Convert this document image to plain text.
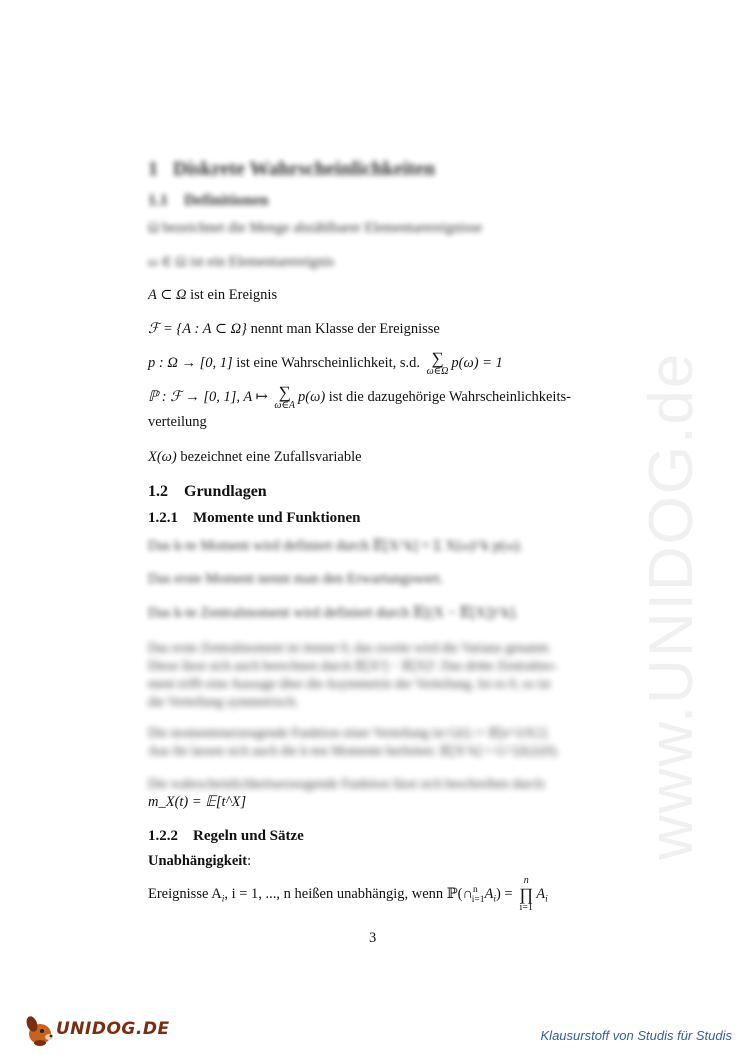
www.UNIDOG.de
1 Diskrete Wahrscheinlichkeiten
1.1 Definitionen
Ω bezeichnet die Menge abzählbarer Elementarereignisse
ω ∈ Ω ist ein Elementarereignis
A ⊂ Ω ist ein Ereignis
ℱ = {A : A ⊂ Ω} nennt man Klasse der Ereignisse
p : Ω → [0, 1] ist eine Wahrscheinlichkeit, s.d. ∑
ω∈Ω
p(ω) = 1
ℙ : ℱ → [0, 1], A ↦ ∑
ω∈A
p(ω) ist die dazugehörige Wahrscheinlichkeits-
verteilung
X(ω) bezeichnet eine Zufallsvariable
1.2 Grundlagen
1.2.1 Momente und Funktionen
Das k-te Moment wird definiert durch 𝔼[X^k] = Σ X(ω)^k p(ω).
Das erste Moment nennt man den Erwartungswert.
Das k-te Zentralmoment wird definiert durch 𝔼[(X − 𝔼[X])^k].
Das erste Zentralmoment ist immer 0, das zweite wird die Varianz genannt.
Diese lässt sich auch berechnen durch 𝔼[X²] − 𝔼[X]². Das dritte Zentralmo-
ment trifft eine Aussage über die Asymmetrie der Verteilung. Ist es 0, so ist
die Verteilung symmetrisch.
Die momentenerzeugende Funktion einer Verteilung ist G(t) := 𝔼[e^{tX}].
Aus ihr lassen sich auch die k-ten Momente herleiten: 𝔼[X^k] = G^{(k)}(0).
Die wahrscheinlichkeitserzeugende Funktion lässt sich beschreiben durch:
m_X(t) = 𝔼[t^X]
1.2.2 Regeln und Sätze
Unabhängigkeit:
Ereignisse $A_i$, i = 1, ..., n heißen unabhängig, wenn $ℙ(\cap^n_{i=1}A_i)$ =
n
∏
i=1
$A_i$
3
UNIDOG.DE	Klausurstoff von Studis für Studis
